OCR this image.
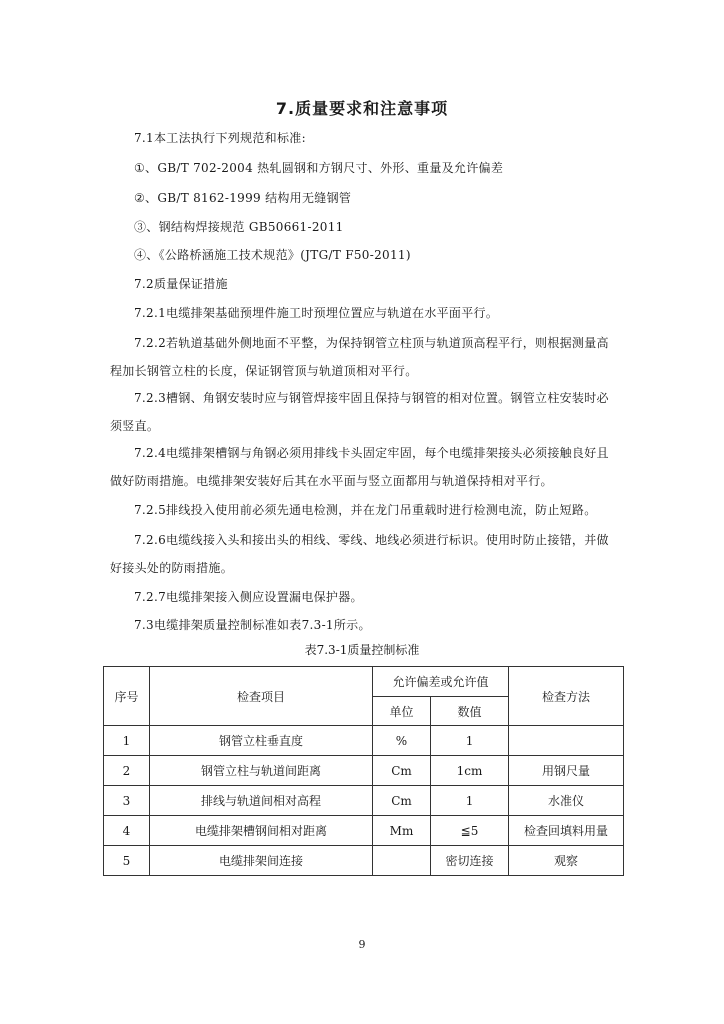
7.质量要求和注意事项

7.1本工法执行下列规范和标准:

①、GB/T 702-2004 热轧圆钢和方钢尺寸、外形、重量及允许偏差

②、GB/T 8162-1999 结构用无缝钢管

③、钢结构焊接规范 GB50661-2011

④、《公路桥涵施工技术规范》(JTG/T F50-2011)

7.2质量保证措施

7.2.1电缆排架基础预埋件施工时预埋位置应与轨道在水平面平行。

7.2.2若轨道基础外侧地面不平整，为保持钢管立柱顶与轨道顶高程平行，则根据测量高程加长钢管立柱的长度，保证钢管顶与轨道顶相对平行。

7.2.3槽钢、角钢安装时应与钢管焊接牢固且保持与钢管的相对位置。钢管立柱安装时必须竖直。

7.2.4电缆排架槽钢与角钢必须用排线卡头固定牢固，每个电缆排架接头必须接触良好且做好防雨措施。电缆排架安装好后其在水平面与竖立面都用与轨道保持相对平行。

7.2.5排线投入使用前必须先通电检测，并在龙门吊重载时进行检测电流，防止短路。

7.2.6电缆线接入头和接出头的相线、零线、地线必须进行标识。使用时防止接错，并做好接头处的防雨措施。

7.2.7电缆排架接入侧应设置漏电保护器。

7.3电缆排架质量控制标准如表7.3-1所示。

表7.3-1质量控制标准
序号	检查项目	允许偏差或允许值		检查方法
		单位	数值	
1	钢管立柱垂直度	%	1	
2	钢管立柱与轨道间距离	Cm	1cm	用钢尺量
3	排线与轨道间相对高程	Cm	1	水准仪
4	电缆排架槽钢间相对距离	Mm	≦5	检查回填料用量
5	电缆排架间连接		密切连接	观察
9
